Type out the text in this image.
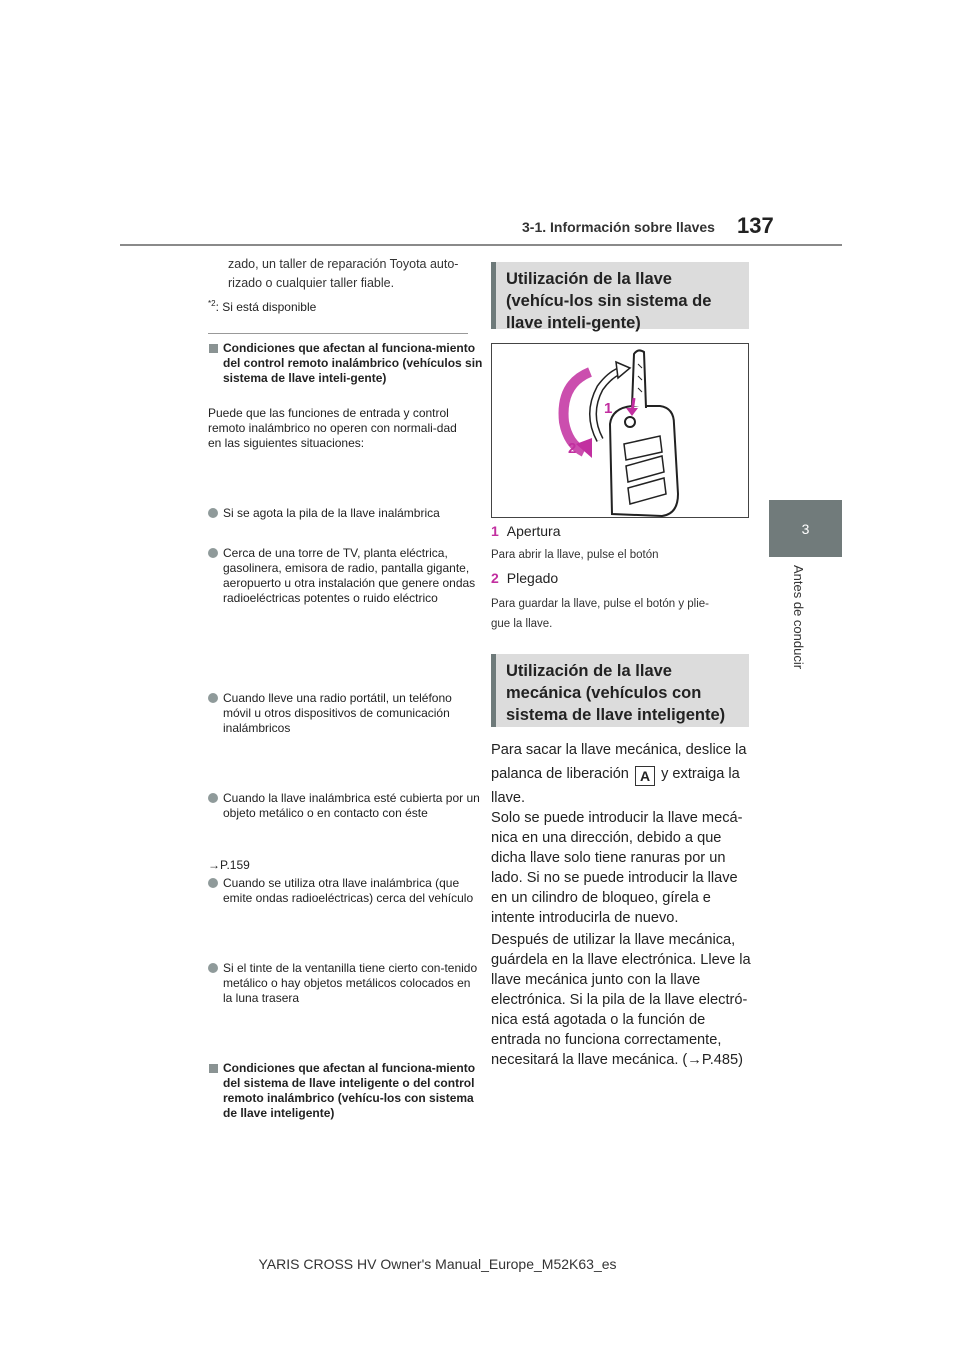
3-1. Información sobre llaves 137
3
Antes de conducir
zado, un taller de reparación Toyota auto-
rizado o cualquier taller fiable.
$^{*2}$: Si está disponible
Condiciones que afectan al funciona-miento del control remoto inalámbrico (vehículos sin sistema de llave inteli-gente)
Puede que las funciones de entrada y control remoto inalámbrico no operen con normali-dad en las siguientes situaciones:
Si se agota la pila de la llave inalámbrica
Cerca de una torre de TV, planta eléctrica, gasolinera, emisora de radio, pantalla gigante, aeropuerto u otra instalación que genere ondas radioeléctricas potentes o ruido eléctrico
Cuando lleve una radio portátil, un teléfono móvil u otros dispositivos de comunicación inalámbricos
Cuando la llave inalámbrica esté cubierta por un objeto metálico o en contacto con éste
Cuando se utiliza otra llave inalámbrica (que emite ondas radioeléctricas) cerca del vehículo
Si el tinte de la ventanilla tiene cierto con-tenido metálico o hay objetos metálicos colocados en la luna trasera
Condiciones que afectan al funciona-miento del sistema de llave inteligente o del control remoto inalámbrico (vehícu-los con sistema de llave inteligente)
→P.159
Utilización de la llave (vehícu-los sin sistema de llave inteli-gente)
1
2
1 Apertura
Para abrir la llave, pulse el botón
2 Plegado
Para guardar la llave, pulse el botón y plie-
gue la llave.
Utilización de la llave mecánica (vehículos con sistema de llave inteligente)
Para sacar la llave mecánica, deslice la palanca de liberación A y extraiga la llave.
Solo se puede introducir la llave mecá-nica en una dirección, debido a que dicha llave solo tiene ranuras por un lado. Si no se puede introducir la llave en un cilindro de bloqueo, gírela e intente introducirla de nuevo.
Después de utilizar la llave mecánica, guárdela en la llave electrónica. Lleve la llave mecánica junto con la llave electrónica. Si la pila de la llave electró-nica está agotada o la función de entrada no funciona correctamente, necesitará la llave mecánica. (→P.485)
YARIS CROSS HV Owner's Manual_Europe_M52K63_es
